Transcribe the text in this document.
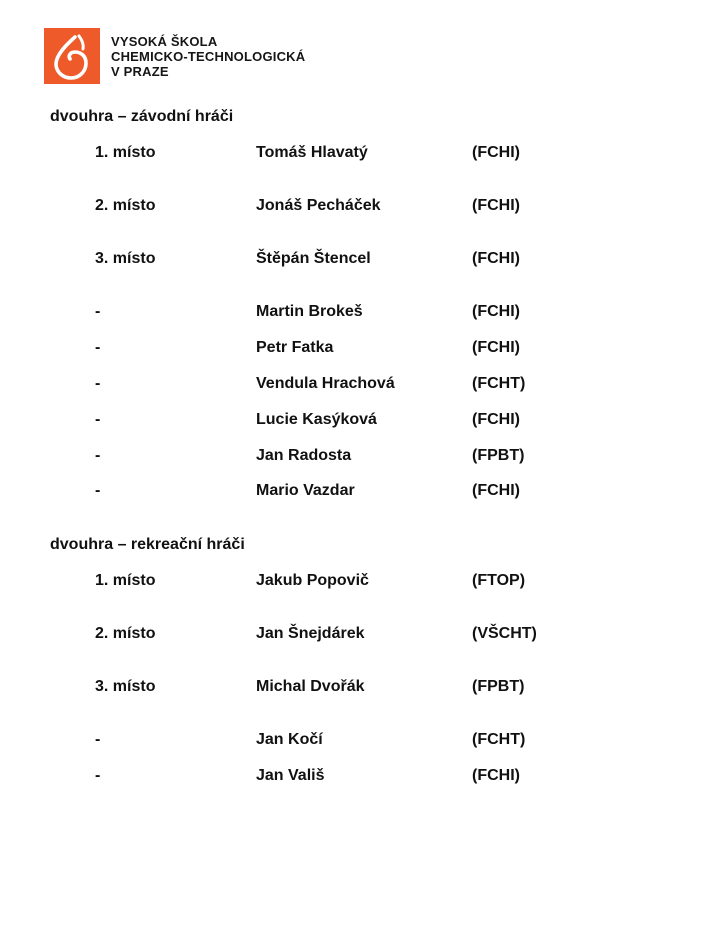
VYSOKÁ ŠKOLA
CHEMICKO-TECHNOLOGICKÁ
V PRAZE
dvouhra – závodní hráči
1. místo	Tomáš Hlavatý	(FCHI)
2. místo	Jonáš Pecháček	(FCHI)
3. místo	Štěpán Štencel	(FCHI)
-	Martin Brokeš	(FCHI)
-	Petr Fatka	(FCHI)
-	Vendula Hrachová	(FCHT)
-	Lucie Kasýková	(FCHI)
-	Jan Radosta	(FPBT)
-	Mario Vazdar	(FCHI)
dvouhra – rekreační hráči
1. místo	Jakub Popovič	(FTOP)
2. místo	Jan Šnejdárek	(VŠCHT)
3. místo	Michal Dvořák	(FPBT)
-	Jan Kočí	(FCHT)
-	Jan Vališ	(FCHI)
